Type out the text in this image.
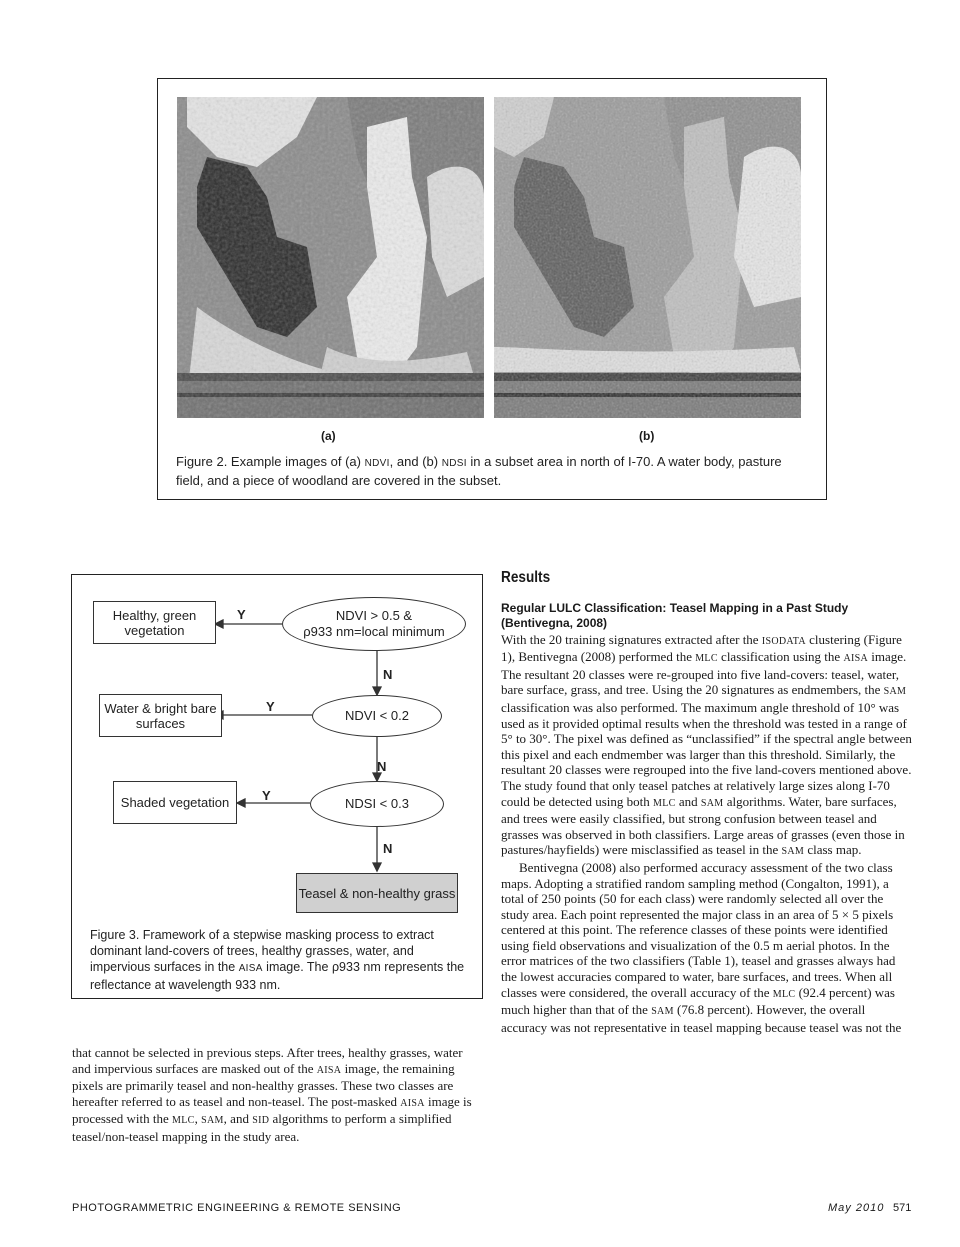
(a)	(b)
Figure 2. Example images of (a) NDVI, and (b) NDSI in a subset area in north of I-70. A water body, pasture field, and a piece of woodland are covered in the subset.
Healthy, green vegetation
Water & bright bare surfaces
Shaded vegetation
Teasel & non-healthy grass
NDVI > 0.5 &
ρ933 nm=local minimum
NDVI < 0.2
NDSI < 0.3
Y
Y
Y
N
N
N
Figure 3. Framework of a stepwise masking process to extract dominant land-covers of trees, healthy grasses, water, and impervious surfaces in the AISA image. The ρ933 nm represents the reflectance at wavelength 933 nm.

that cannot be selected in previous steps. After trees, healthy grasses, water and impervious surfaces are masked out of the AISA image, the remaining pixels are primarily teasel and non-healthy grasses. These two classes are hereafter referred to as teasel and non-teasel. The post-masked AISA image is processed with the MLC, SAM, and SID algorithms to perform a simplified teasel/non-teasel mapping in the study area.

Results
Regular LULC Classification: Teasel Mapping in a Past Study (Bentivegna, 2008)

With the 20 training signatures extracted after the ISODATA clustering (Figure 1), Bentivegna (2008) performed the MLC classification using the AISA image. The resultant 20 classes were re-grouped into five land-covers: teasel, water, bare surface, grass, and tree. Using the 20 signatures as endmembers, the SAM classification was also performed. The maximum angle threshold of 10° was used as it provided optimal results when the threshold was tested in a range of 5° to 30°. The pixel was defined as “unclassified” if the spectral angle between this pixel and each endmember was larger than this threshold. Similarly, the resultant 20 classes were regrouped into the five land-covers mentioned above. The study found that only teasel patches at relatively large sizes along I-70 could be detected using both MLC and SAM algorithms. Water, bare surfaces, and trees were easily classified, but strong confusion between teasel and grasses was observed in both classifiers. Large areas of grasses (even those in pastures/hayfields) were misclassified as teasel in the SAM class map.

Bentivegna (2008) also performed accuracy assessment of the two class maps. Adopting a stratified random sampling method (Congalton, 1991), a total of 250 points (50 for each class) were randomly selected all over the study area. Each point represented the major class in an area of 5 × 5 pixels centered at this point. The reference classes of these points were identified using field observations and visualization of the 0.5 m aerial photos. In the error matrices of the two classifiers (Table 1), teasel and grasses always had the lowest accuracies compared to water, bare surfaces, and trees. When all classes were considered, the overall accuracy of the MLC (92.4 percent) was much higher than that of the SAM (76.8 percent). However, the overall accuracy was not representative in teasel mapping because teasel was not the

PHOTOGRAMMETRIC ENGINEERING & REMOTE SENSING	May 2010 571
